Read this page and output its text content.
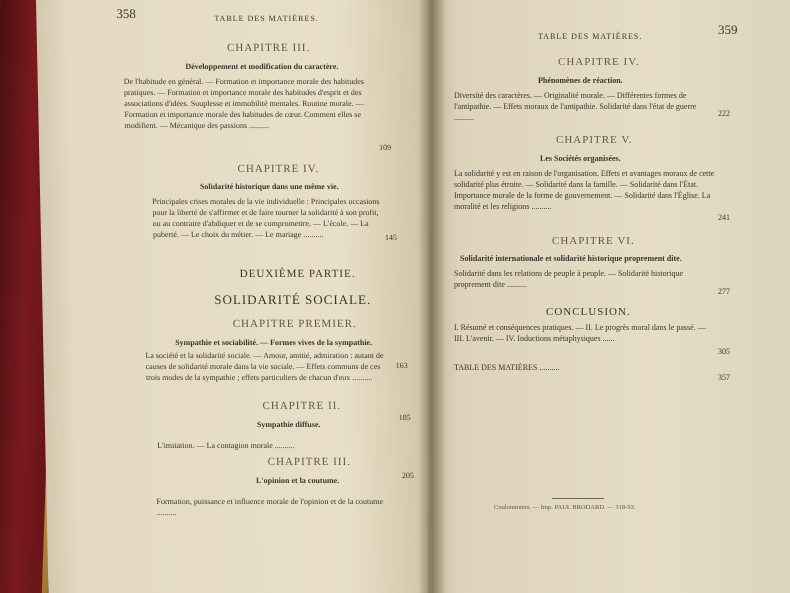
358	TABLE DES MATIÈRES.
CHAPITRE III.
Développement et modification du caractère.
De l'habitude en général. — Formation et importance morale des habitudes pratiques. — Formation et importance morale des habitudes d'esprit et des associations d'idées. Souplesse et immobilité mentales. Routine morale. — Formation et importance morale des habitudes de cœur. Comment elles se modifient. — Mécanique des passions ..........
109
CHAPITRE IV.
Solidarité historique dans une même vie.
Principales crises morales de la vie individuelle : Principales occasions pour la liberté de s'affirmer et de faire tourner la solidarité à son profit, ou au contraire d'abdiquer et de se compromettre. — L'école. — La puberté. — Le choix du métier. — Le mariage ..........	145
DEUXIÈME PARTIE.
SOLIDARITÉ SOCIALE.
CHAPITRE PREMIER.
Sympathie et sociabilité. — Formes vives de la sympathie.
La société et la solidarité sociale. — Amour, amitié, admiration : autant de causes de solidarité morale dans la vie sociale. — Effets communs de ces trois modes de la sympathie ; effets particuliers de chacun d'eux ..........
163
CHAPITRE II.
Sympathie diffuse.
L'imitation. — La contagion morale ..........
185
CHAPITRE III.
L'opinion et la coutume.
Formation, puissance et influence morale de l'opinion et de la coutume ..........
205
TABLE DES MATIÈRES.	359
CHAPITRE IV.
Phénomènes de réaction.
Diversité des caractères. — Originalité morale. — Différentes formes de l'antipathie. — Effets moraux de l'antipathie. Solidarité dans l'état de guerre ..........	222
CHAPITRE V.
Les Sociétés organisées.
La solidarité y est en raison de l'organisation. Effets et avantages moraux de cette solidarité plus étroite. — Solidarité dans la famille. — Solidarité dans l'État. Importance morale de la forme de gouvernement. — Solidarité dans l'Église. La moralité et les religions ..........
241
CHAPITRE VI.
Solidarité internationale et solidarité historique proprement dite.
Solidarité dans les relations de peuple à peuple. — Solidarité historique proprement dite ..........
277
CONCLUSION.
I. Résumé et conséquences pratiques. — II. Le progrès moral dans le passé. — III. L'avenir. — IV. Inductions métaphysiques ......
305
TABLE DES MATIÈRES ..........
357
Coulommiers. — Imp. PAUL BRODARD. — 318-93.
